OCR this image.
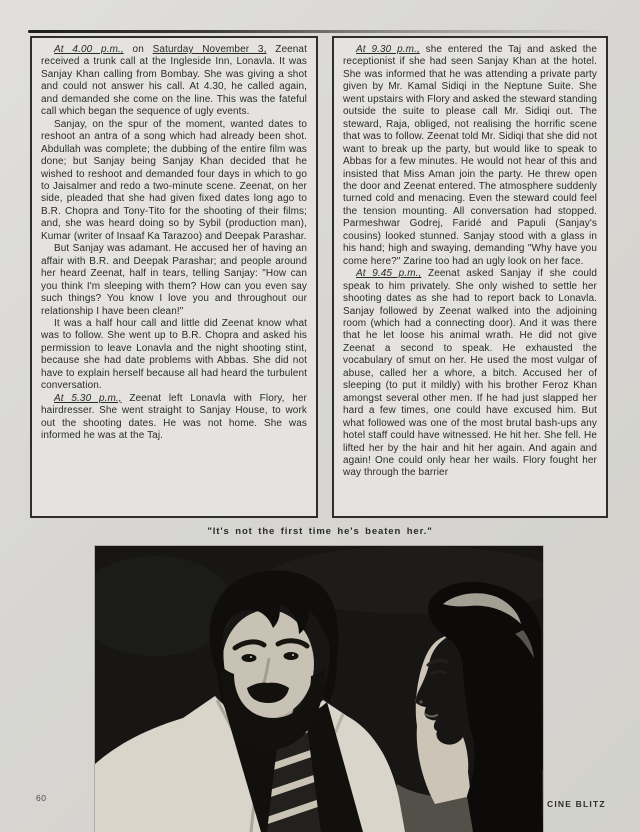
At 4.00 p.m., on Saturday November 3, Zeenat received a trunk call at the Ingleside Inn, Lonavla. It was Sanjay Khan calling from Bombay. She was giving a shot and could not answer his call. At 4.30, he called again, and demanded she come on the line. This was the fateful call which began the sequence of ugly events.

Sanjay, on the spur of the moment, wanted dates to reshoot an antra of a song which had already been shot. Abdullah was complete; the dubbing of the entire film was done; but Sanjay being Sanjay Khan decided that he wished to reshoot and demanded four days in which to go to Jaisalmer and redo a two-minute scene. Zeenat, on her side, pleaded that she had given fixed dates long ago to B.R. Chopra and Tony-Tito for the shooting of their films; and, she was heard doing so by Sybil (production man), Kumar (writer of Insaaf Ka Tarazoo) and Deepak Parashar.

But Sanjay was adamant. He accused her of having an affair with B.R. and Deepak Parashar; and people around her heard Zeenat, half in tears, telling Sanjay: "How can you think I'm sleeping with them? How can you even say such things? You know I love you and throughout our relationship I have been clean!"

It was a half hour call and little did Zeenat know what was to follow. She went up to B.R. Chopra and asked his permission to leave Lonavla and the night shooting stint, because she had date problems with Abbas. She did not have to explain herself because all had heard the turbulent conversation.

At 5.30 p.m., Zeenat left Lonavla with Flory, her hairdresser. She went straight to Sanjay House, to work out the shooting dates. He was not home. She was informed he was at the Taj.

At 9.30 p.m., she entered the Taj and asked the receptionist if she had seen Sanjay Khan at the hotel. She was informed that he was attending a private party given by Mr. Kamal Sidiqi in the Neptune Suite. She went upstairs with Flory and asked the steward standing outside the suite to please call Mr. Sidiqi out. The steward, Raja, obliged, not realising the horrific scene that was to follow. Zeenat told Mr. Sidiqi that she did not want to break up the party, but would like to speak to Abbas for a few minutes. He would not hear of this and insisted that Miss Aman join the party. He threw open the door and Zeenat entered. The atmosphere suddenly turned cold and menacing. Even the steward could feel the tension mounting. All conversation had stopped. Parmeshwar Godrej, Faridé and Papuli (Sanjay's cousins) looked stunned. Sanjay stood with a glass in his hand; high and swaying, demanding "Why have you come here?" Zarine too had an ugly look on her face.

At 9.45 p.m., Zeenat asked Sanjay if she could speak to him privately. She only wished to settle her shooting dates as she had to report back to Lonavla. Sanjay followed by Zeenat walked into the adjoining room (which had a connecting door). And it was there that he let loose his animal wrath. He did not give Zeenat a second to speak. He exhausted the vocabulary of smut on her. He used the most vulgar of abuse, called her a whore, a bitch. Accused her of sleeping (to put it mildly) with his brother Feroz Khan amongst several other men. If he had just slapped her hard a few times, one could have excused him. But what followed was one of the most brutal bash-ups any hotel staff could have witnessed. He hit her. She fell. He lifted her by the hair and hit her again. And again and again! One could only hear her wails. Flory fought her way through the barrier

"It's not the first time he's beaten her."
60
CINE BLITZ
